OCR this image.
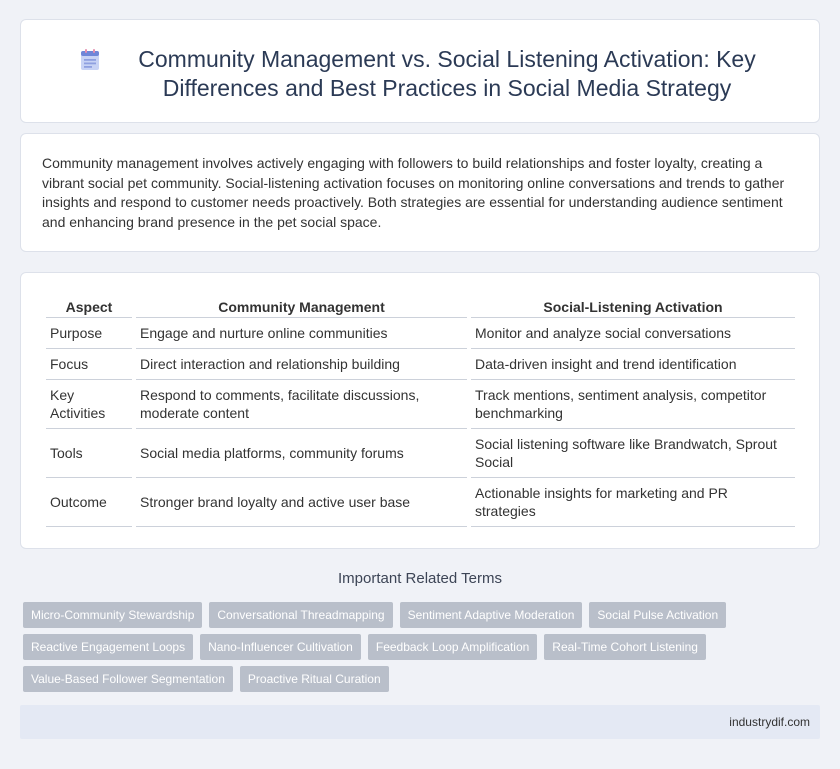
Community Management vs. Social Listening Activation: Key Differences and Best Practices in Social Media Strategy

Community management involves actively engaging with followers to build relationships and foster loyalty, creating a vibrant social pet community. Social-listening activation focuses on monitoring online conversations and trends to gather insights and respond to customer needs proactively. Both strategies are essential for understanding audience sentiment and enhancing brand presence in the pet social space.

Aspect	Community Management	Social-Listening Activation
Purpose	Engage and nurture online communities	Monitor and analyze social conversations
Focus	Direct interaction and relationship building	Data-driven insight and trend identification
Key Activities	Respond to comments, facilitate discussions, moderate content	Track mentions, sentiment analysis, competitor benchmarking
Tools	Social media platforms, community forums	Social listening software like Brandwatch, Sprout Social
Outcome	Stronger brand loyalty and active user base	Actionable insights for marketing and PR strategies
Important Related Terms
Micro-Community Stewardship	Conversational Threadmapping	Sentiment Adaptive Moderation	Social Pulse Activation
Reactive Engagement Loops	Nano-Influencer Cultivation	Feedback Loop Amplification	Real-Time Cohort Listening
Value-Based Follower Segmentation	Proactive Ritual Curation
industrydif.com
